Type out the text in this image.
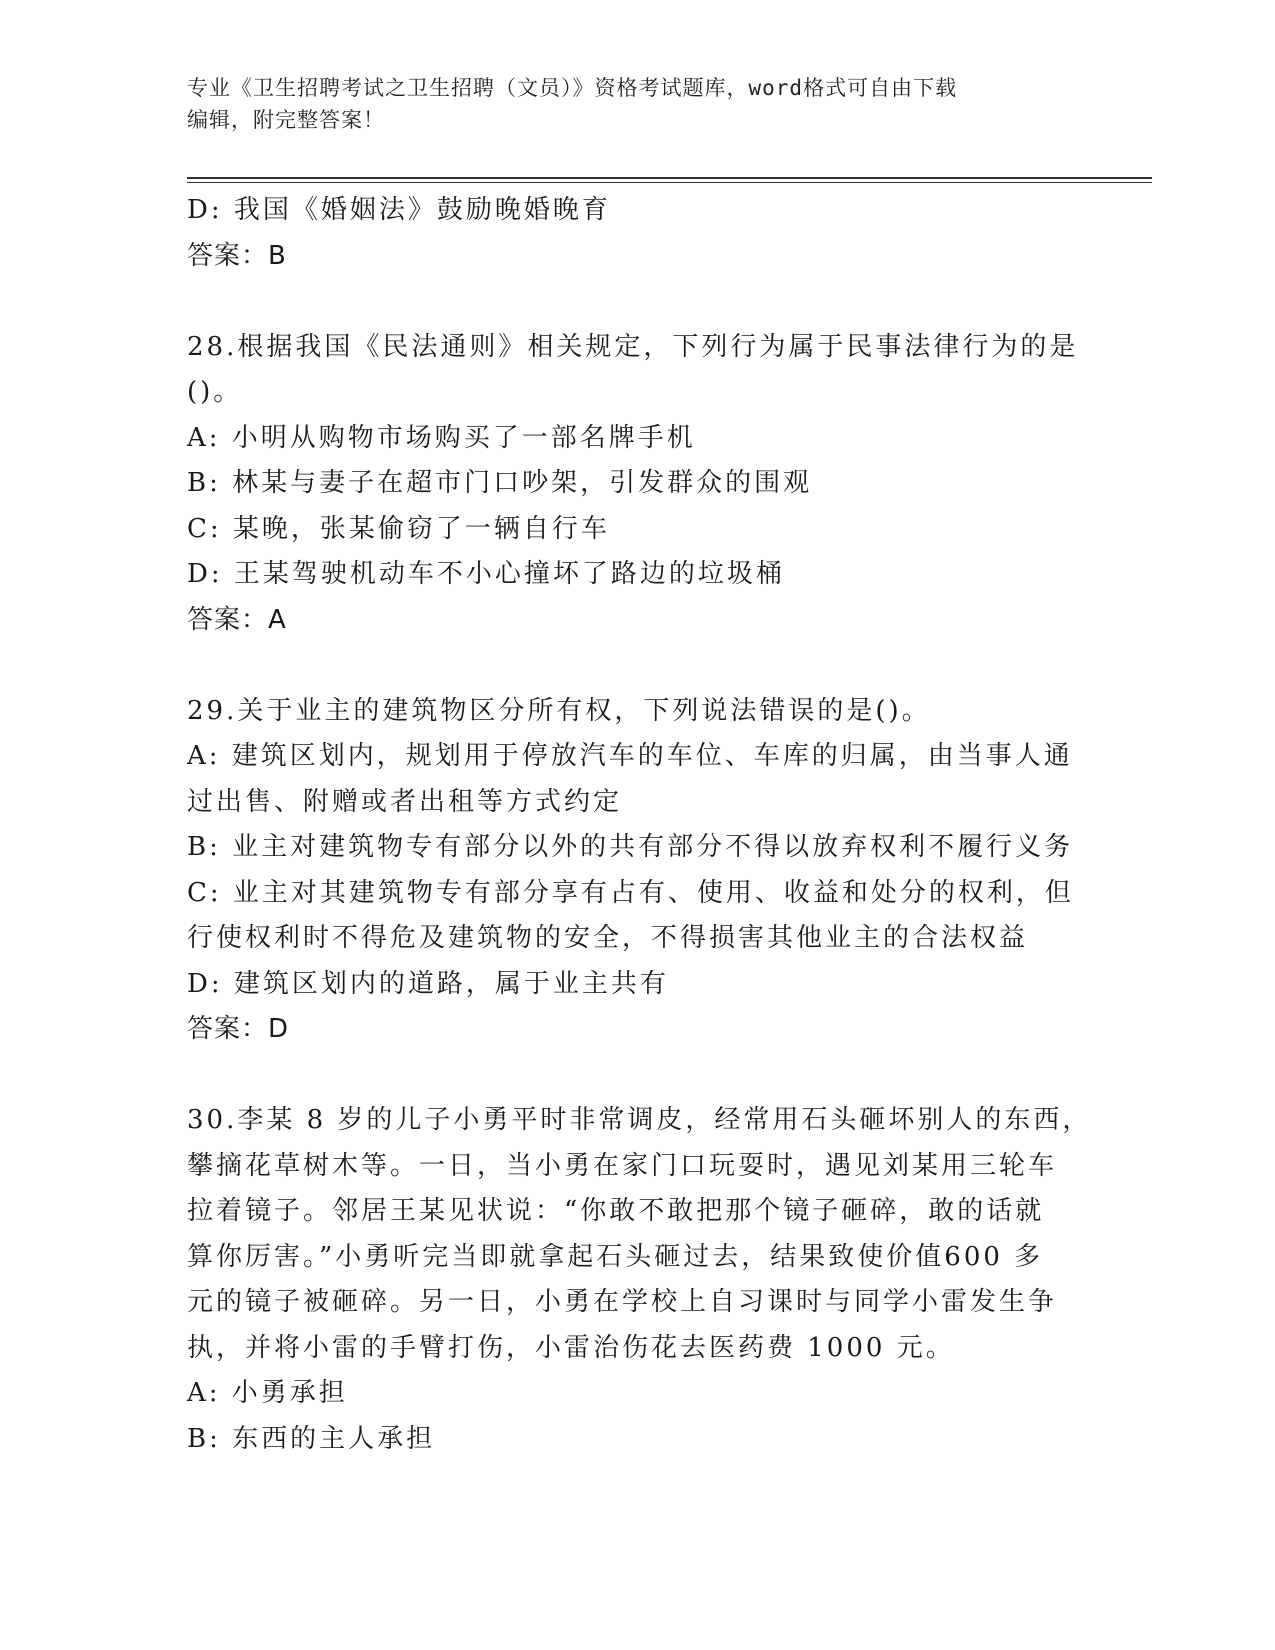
专业《卫生招聘考试之卫生招聘（文员）》资格考试题库，word格式可自由下载
编辑，附完整答案！
D: 我国《婚姻法》鼓励晚婚晚育
答案：B
28.根据我国《民法通则》相关规定，下列行为属于民事法律行为的是
()。
A: 小明从购物市场购买了一部名牌手机
B: 林某与妻子在超市门口吵架，引发群众的围观
C: 某晚，张某偷窃了一辆自行车
D: 王某驾驶机动车不小心撞坏了路边的垃圾桶
答案：A
29.关于业主的建筑物区分所有权，下列说法错误的是()。
A: 建筑区划内，规划用于停放汽车的车位、车库的归属，由当事人通
过出售、附赠或者出租等方式约定
B: 业主对建筑物专有部分以外的共有部分不得以放弃权利不履行义务
C: 业主对其建筑物专有部分享有占有、使用、收益和处分的权利，但
行使权利时不得危及建筑物的安全，不得损害其他业主的合法权益
D: 建筑区划内的道路，属于业主共有
答案：D
30.李某 8 岁的儿子小勇平时非常调皮，经常用石头砸坏别人的东西，
攀摘花草树木等。一日，当小勇在家门口玩耍时，遇见刘某用三轮车
拉着镜子。邻居王某见状说：“你敢不敢把那个镜子砸碎，敢的话就
算你厉害。”小勇听完当即就拿起石头砸过去，结果致使价值600 多
元的镜子被砸碎。另一日，小勇在学校上自习课时与同学小雷发生争
执，并将小雷的手臂打伤，小雷治伤花去医药费 1000 元。
A: 小勇承担
B: 东西的主人承担
